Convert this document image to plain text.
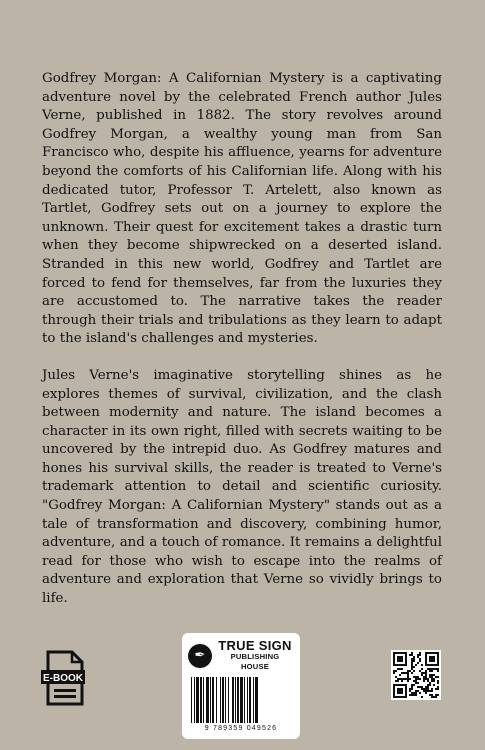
Godfrey Morgan: A Californian Mystery is a captivating adventure novel by the celebrated French author Jules Verne, published in 1882. The story revolves around Godfrey Morgan, a wealthy young man from San Francisco who, despite his affluence, yearns for adventure beyond the comforts of his Californian life. Along with his dedicated tutor, Professor T. Artelett, also known as Tartlet, Godfrey sets out on a journey to explore the unknown. Their quest for excitement takes a drastic turn when they become shipwrecked on a deserted island. Stranded in this new world, Godfrey and Tartlet are forced to fend for themselves, far from the luxuries they are accustomed to. The narrative takes the reader through their trials and tribulations as they learn to adapt to the island's challenges and mysteries.

Jules Verne's imaginative storytelling shines as he explores themes of survival, civilization, and the clash between modernity and nature. The island becomes a character in its own right, filled with secrets waiting to be uncovered by the intrepid duo. As Godfrey matures and hones his survival skills, the reader is treated to Verne's trademark attention to detail and scientific curiosity. "Godfrey Morgan: A Californian Mystery" stands out as a tale of transformation and discovery, combining humor, adventure, and a touch of romance. It remains a delightful read for those who wish to escape into the realms of adventure and exploration that Verne so vividly brings to life.

E-BOOK
✒
TRUE SIGN
PUBLISHING HOUSE
9 789359 049526
